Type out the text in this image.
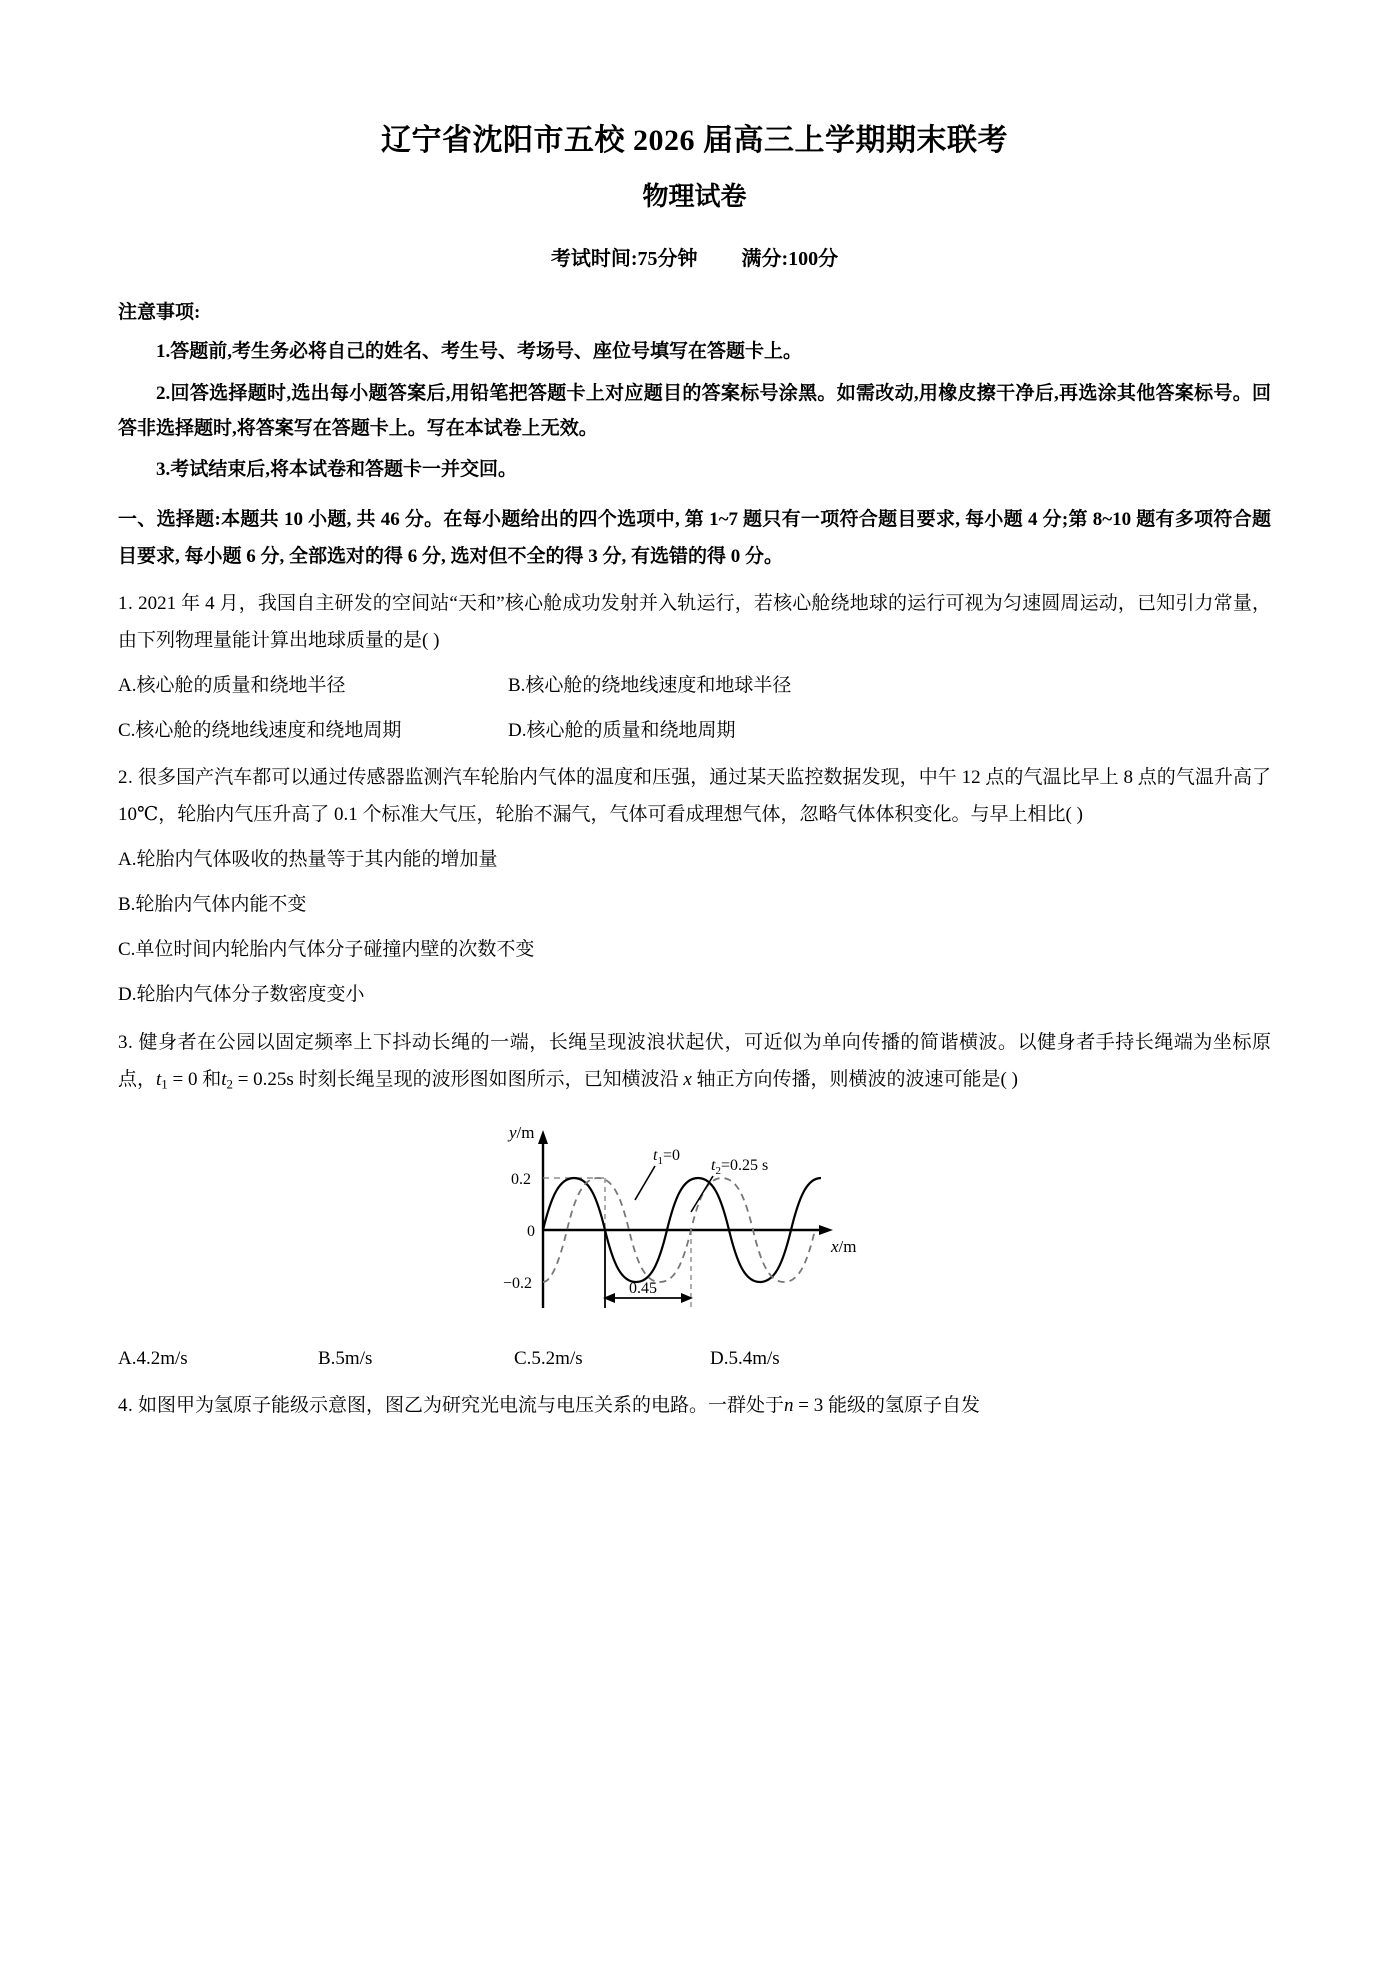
辽宁省沈阳市五校 2026 届高三上学期期末联考
物理试卷
考试时间:75分钟 满分:100分
注意事项:

1.答题前,考生务必将自己的姓名、考生号、考场号、座位号填写在答题卡上。

2.回答选择题时,选出每小题答案后,用铅笔把答题卡上对应题目的答案标号涂黑。如需改动,用橡皮擦干净后,再选涂其他答案标号。回答非选择题时,将答案写在答题卡上。写在本试卷上无效。

3.考试结束后,将本试卷和答题卡一并交回。

一、选择题:本题共 10 小题, 共 46 分。在每小题给出的四个选项中, 第 1~7 题只有一项符合题目要求, 每小题 4 分;第 8~10 题有多项符合题目要求, 每小题 6 分, 全部选对的得 6 分, 选对但不全的得 3 分, 有选错的得 0 分。

1. 2021 年 4 月，我国自主研发的空间站“天和”核心舱成功发射并入轨运行，若核心舱绕地球的运行可视为匀速圆周运动，已知引力常量，由下列物理量能计算出地球质量的是( )

A.核心舱的质量和绕地半径	B.核心舱的绕地线速度和地球半径
C.核心舱的绕地线速度和绕地周期	D.核心舱的质量和绕地周期

2. 很多国产汽车都可以通过传感器监测汽车轮胎内气体的温度和压强，通过某天监控数据发现，中午 12 点的气温比早上 8 点的气温升高了10℃，轮胎内气压升高了 0.1 个标准大气压，轮胎不漏气，气体可看成理想气体，忽略气体体积变化。与早上相比( )

A.轮胎内气体吸收的热量等于其内能的增加量
B.轮胎内气体内能不变
C.单位时间内轮胎内气体分子碰撞内壁的次数不变
D.轮胎内气体分子数密度变小

3. 健身者在公园以固定频率上下抖动长绳的一端，长绳呈现波浪状起伏，可近似为单向传播的简谐横波。以健身者手持长绳端为坐标原点，$t_1 = 0$ 和$t_2 = 0.25s$ 时刻长绳呈现的波形图如图所示，已知横波沿 x 轴正方向传播，则横波的波速可能是( )

y/m
x/m
0.2
0
−0.2	0.45
$t_1=0$
$t_2=0.25$ s
A.4.2m/s	B.5m/s	C.5.2m/s	D.5.4m/s

4. 如图甲为氢原子能级示意图，图乙为研究光电流与电压关系的电路。一群处于n = 3 能级的氢原子自发
